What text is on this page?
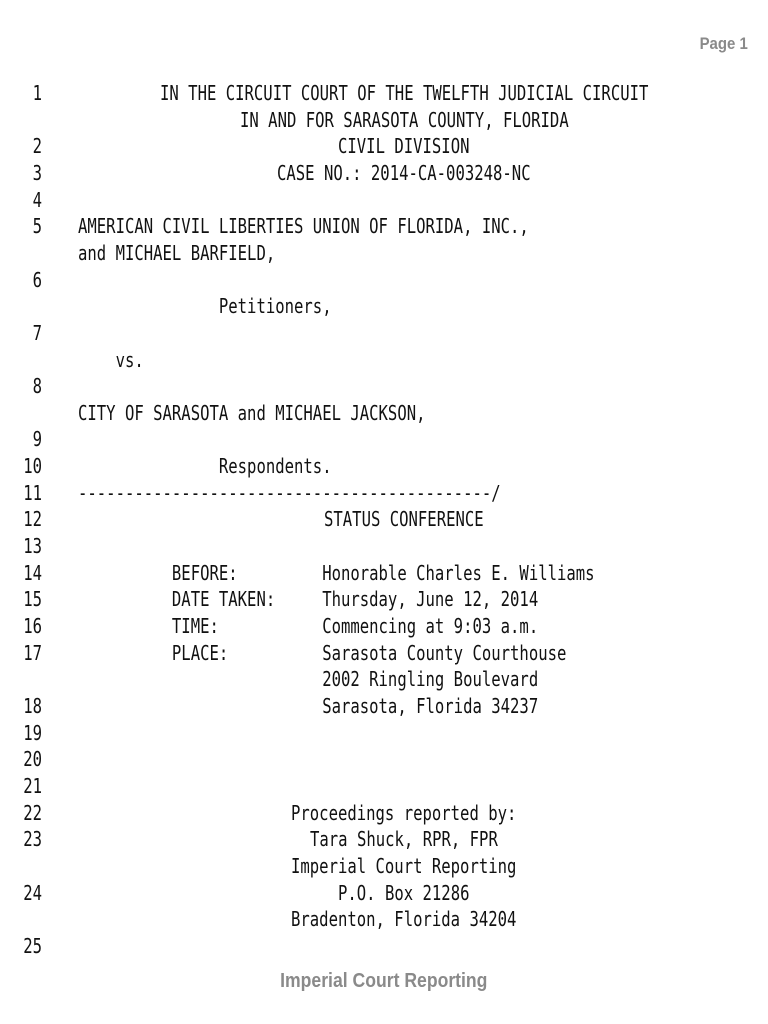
Page 1
1	IN THE CIRCUIT COURT OF THE TWELFTH JUDICIAL CIRCUIT
IN AND FOR SARASOTA COUNTY, FLORIDA
2	CIVIL DIVISION
3	CASE NO.: 2014-CA-003248-NC
4
5 AMERICAN CIVIL LIBERTIES UNION OF FLORIDA, INC.,
and MICHAEL BARFIELD,
6
Petitioners,
7
vs.
8
CITY OF SARASOTA and MICHAEL JACKSON,
9
10 Respondents.
11 --------------------------------------------/
12	STATUS CONFERENCE
13
14 BEFORE:         Honorable Charles E. Williams
15 DATE TAKEN:     Thursday, June 12, 2014
16 TIME:           Commencing at 9:03 a.m.
17 PLACE:          Sarasota County Courthouse
2002 Ringling Boulevard
18 Sarasota, Florida 34237
19
20
21
22	Proceedings reported by:
23	Tara Shuck, RPR, FPR
Imperial Court Reporting
24	P.O. Box 21286
Bradenton, Florida 34204
25
Imperial Court Reporting
